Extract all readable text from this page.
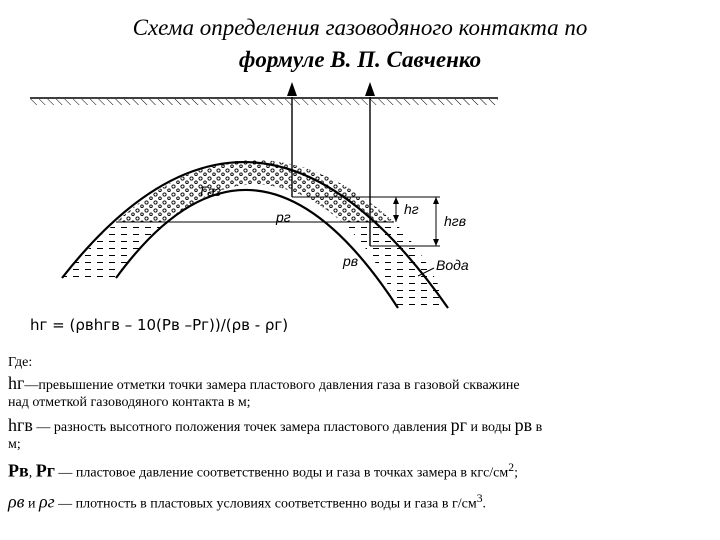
Схема определения газоводяного контакта по
формуле В. П. Савченко
Газ
pг
pв
hг
hгв
Вода
hг = (ρвhгв – 10(Pв –Pг))/(ρв - ρг)

Где:

hг—превышение отметки точки замера пластового давления газа в газовой скважине

над отметкой газоводяного контакта в м;

hгв — разность высотного положения точек замера пластового давления pг и воды pв в

м;

Pв, Pг — пластовое давление соответственно воды и газа в точках замера в кгс/$см^2$;

ρв и ρг — плотность в пластовых условиях соответственно воды и газа в $г/см^3$.
